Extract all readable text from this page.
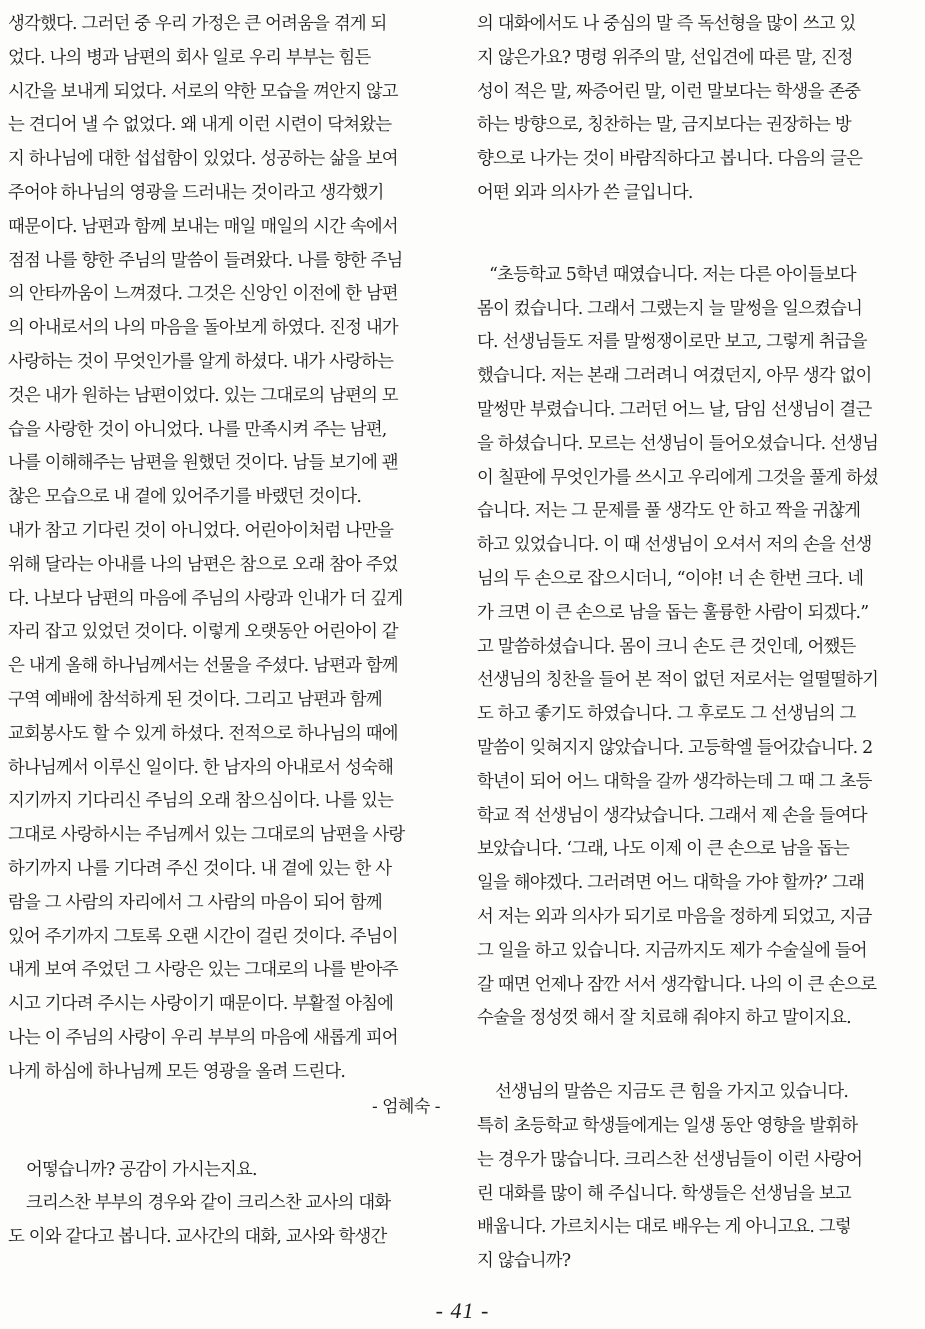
생각했다. 그러던 중 우리 가정은 큰 어려움을 겪게 되
었다. 나의 병과 남편의 회사 일로 우리 부부는 힘든
시간을 보내게 되었다. 서로의 약한 모습을 껴안지 않고
는 견디어 낼 수 없었다. 왜 내게 이런 시련이 닥쳐왔는
지 하나님에 대한 섭섭함이 있었다. 성공하는 삶을 보여
주어야 하나님의 영광을 드러내는 것이라고 생각했기
때문이다. 남편과 함께 보내는 매일 매일의 시간 속에서
점점 나를 향한 주님의 말씀이 들려왔다. 나를 향한 주님
의 안타까움이 느껴졌다. 그것은 신앙인 이전에 한 남편
의 아내로서의 나의 마음을 돌아보게 하였다. 진정 내가
사랑하는 것이 무엇인가를 알게 하셨다. 내가 사랑하는
것은 내가 원하는 남편이었다. 있는 그대로의 남편의 모
습을 사랑한 것이 아니었다. 나를 만족시켜 주는 남편,
나를 이해해주는 남편을 원했던 것이다. 남들 보기에 괜
찮은 모습으로 내 곁에 있어주기를 바랬던 것이다.
내가 참고 기다린 것이 아니었다. 어린아이처럼 나만을
위해 달라는 아내를 나의 남편은 참으로 오래 참아 주었
다. 나보다 남편의 마음에 주님의 사랑과 인내가 더 깊게
자리 잡고 있었던 것이다. 이렇게 오랫동안 어린아이 같
은 내게 올해 하나님께서는 선물을 주셨다. 남편과 함께
구역 예배에 참석하게 된 것이다. 그리고 남편과 함께
교회봉사도 할 수 있게 하셨다. 전적으로 하나님의 때에
하나님께서 이루신 일이다. 한 남자의 아내로서 성숙해
지기까지 기다리신 주님의 오래 참으심이다. 나를 있는
그대로 사랑하시는 주님께서 있는 그대로의 남편을 사랑
하기까지 나를 기다려 주신 것이다. 내 곁에 있는 한 사
람을 그 사람의 자리에서 그 사람의 마음이 되어 함께
있어 주기까지 그토록 오랜 시간이 걸린 것이다. 주님이
내게 보여 주었던 그 사랑은 있는 그대로의 나를 받아주
시고 기다려 주시는 사랑이기 때문이다. 부활절 아침에
나는 이 주님의 사랑이 우리 부부의 마음에 새롭게 피어
나게 하심에 하나님께 모든 영광을 올려 드린다.
- 엄혜숙 -
어떻습니까? 공감이 가시는지요.
크리스찬 부부의 경우와 같이 크리스찬 교사의 대화
도 이와 같다고 봅니다. 교사간의 대화, 교사와 학생간
의 대화에서도 나 중심의 말 즉 독선형을 많이 쓰고 있
지 않은가요? 명령 위주의 말, 선입견에 따른 말, 진정
성이 적은 말, 짜증어린 말, 이런 말보다는 학생을 존중
하는 방향으로, 칭찬하는 말, 금지보다는 권장하는 방
향으로 나가는 것이 바람직하다고 봅니다. 다음의 글은
어떤 외과 의사가 쓴 글입니다.
“초등학교 5학년 때였습니다. 저는 다른 아이들보다
몸이 컸습니다. 그래서 그랬는지 늘 말썽을 일으켰습니
다. 선생님들도 저를 말썽쟁이로만 보고, 그렇게 취급을
했습니다. 저는 본래 그러려니 여겼던지, 아무 생각 없이
말썽만 부렸습니다. 그러던 어느 날, 담임 선생님이 결근
을 하셨습니다. 모르는 선생님이 들어오셨습니다. 선생님
이 칠판에 무엇인가를 쓰시고 우리에게 그것을 풀게 하셨
습니다. 저는 그 문제를 풀 생각도 안 하고 짝을 귀찮게
하고 있었습니다. 이 때 선생님이 오셔서 저의 손을 선생
님의 두 손으로 잡으시더니, “이야! 너 손 한번 크다. 네
가 크면 이 큰 손으로 남을 돕는 훌륭한 사람이 되겠다.”
고 말씀하셨습니다. 몸이 크니 손도 큰 것인데, 어쨌든
선생님의 칭찬을 들어 본 적이 없던 저로서는 얼떨떨하기
도 하고 좋기도 하였습니다. 그 후로도 그 선생님의 그
말씀이 잊혀지지 않았습니다. 고등학엘 들어갔습니다. 2
학년이 되어 어느 대학을 갈까 생각하는데 그 때 그 초등
학교 적 선생님이 생각났습니다. 그래서 제 손을 들여다
보았습니다. ‘그래, 나도 이제 이 큰 손으로 남을 돕는
일을 해야겠다. 그러려면 어느 대학을 가야 할까?’ 그래
서 저는 외과 의사가 되기로 마음을 정하게 되었고, 지금
그 일을 하고 있습니다. 지금까지도 제가 수술실에 들어
갈 때면 언제나 잠깐 서서 생각합니다. 나의 이 큰 손으로
수술을 정성껏 해서 잘 치료해 줘야지 하고 말이지요.
선생님의 말씀은 지금도 큰 힘을 가지고 있습니다.
특히 초등학교 학생들에게는 일생 동안 영향을 발휘하
는 경우가 많습니다. 크리스찬 선생님들이 이런 사랑어
린 대화를 많이 해 주십니다. 학생들은 선생님을 보고
배웁니다. 가르치시는 대로 배우는 게 아니고요. 그렇
지 않습니까?
- 41 -
